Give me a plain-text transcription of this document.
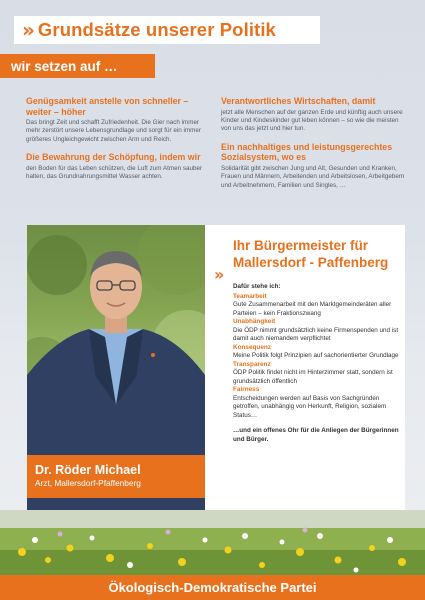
» Grundsätze unserer Politik
wir setzen auf …
Genügsamkeit anstelle von schneller – weiter – höher
Das bringt Zeit und schafft Zufriedenheit. Die Gier nach immer mehr zerstört unsere Lebensgrundlage und sorgt für ein immer größeres Ungleichgewicht zwischen Arm und Reich.
Die Bewahrung der Schöpfung, indem wir
den Boden für das Leben schützen, die Luft zum Atmen sauber halten, das Grundnahrungsmittel Wasser achten.
Verantwortliches Wirtschaften, damit
jetzt alle Menschen auf der ganzen Erde und künftig auch unsere Kinder und Kindeskinder gut leben können – so wie die meisten von uns das jetzt und hier tun.
Ein nachhaltiges und leistungsgerechtes Sozialsystem, wo es
Solidarität gibt zwischen Jung und Alt, Gesunden und Kranken, Frauen und Männern, Arbeitenden und Arbeitslosen, Arbeitgebern und Arbeitnehmern, Familien und Singles, …
Dr. Röder Michael
Arzt, Mallersdorf-Pfaffenberg
»
Ihr Bürgermeister für Mallersdorf - Paffenberg
Dafür stehe ich:
Teamarbeit
Gute Zusammenarbeit mit den Marktgemeinderäten aller Parteien – kein Fraktionszwang
Unabhängkeit
Die ÖDP nimmt grundsätzlich keine Firmenspenden und ist damit auch niemandem verpflichtet
Konsequenz
Meine Politik folgt Prinzipien auf sachorientierter Grundlage
Transparenz
ÖDP Politik findet nicht im Hinterzimmer statt, sondern ist grundsätzlich öffentlich
Fairness
Entscheidungen werden auf Basis von Sachgründen getroffen, unabhängig von Herkunft, Religion, sozialem Status…
…und ein offenes Ohr für die Anliegen der Bürgerinnen und Bürger.
Ökologisch-Demokratische Partei
